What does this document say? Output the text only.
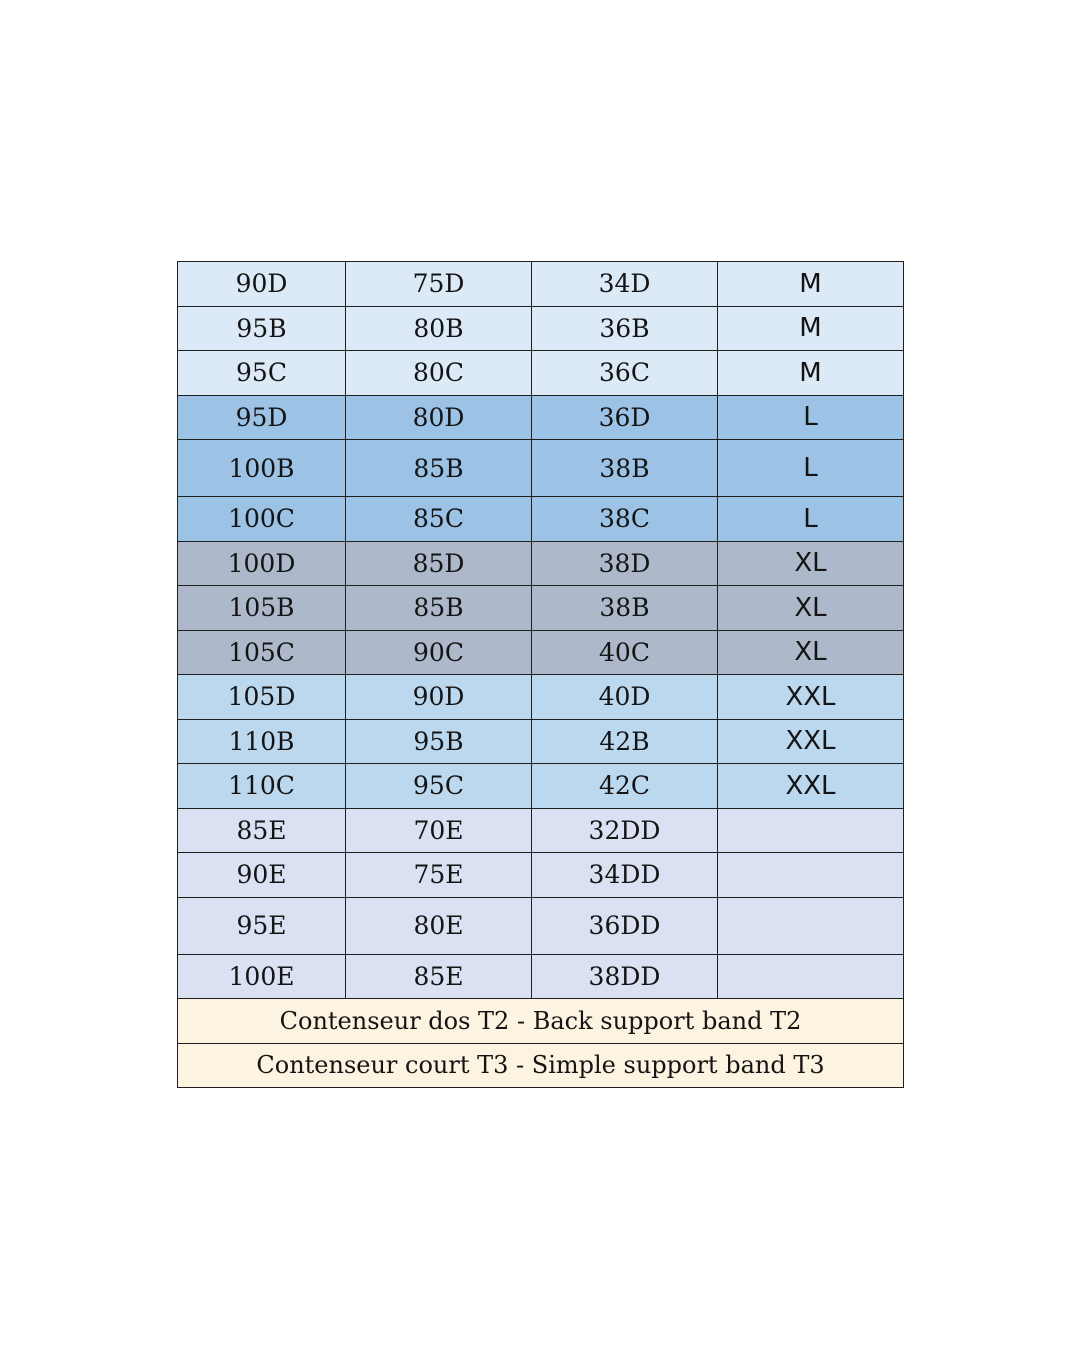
90D	75D	34D	M
95B	80B	36B	M
95C	80C	36C	M
95D	80D	36D	L
100B	85B	38B	L
100C	85C	38C	L
100D	85D	38D	XL
105B	85B	38B	XL
105C	90C	40C	XL
105D	90D	40D	XXL
110B	95B	42B	XXL
110C	95C	42C	XXL
85E	70E	32DD	
90E	75E	34DD	
95E	80E	36DD	
100E	85E	38DD	
Contenseur dos T2 - Back support band T2			
Contenseur court T3 - Simple support band T3			
